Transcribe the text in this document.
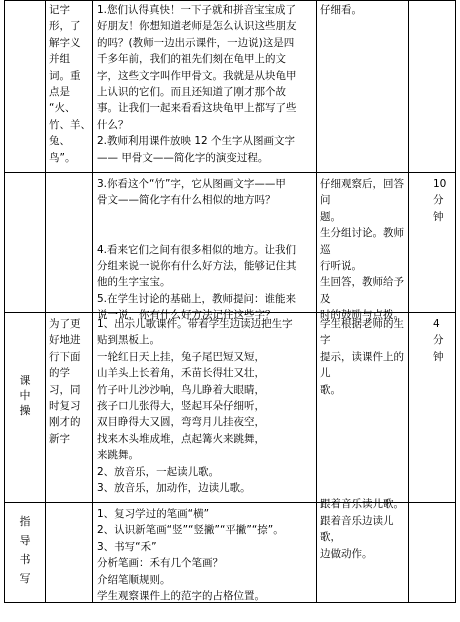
记字
形，了
解字义
并组
词。重
点是
“火、
竹、羊、
兔、
鸟”。
1.您们认得真快！一下子就和拼音宝宝成了
好朋友！你想知道老师是怎么认识这些朋友
的吗？(教师一边出示课件，一边说)这是四
千多年前，我们的祖先们刻在龟甲上的文
字，这些文字叫作甲骨文。我就是从块龟甲
上认识的它们。而且还知道了刚才那个故
事。让我们一起来看看这块龟甲上都写了些
什么？
2.教师利用课件放映 12 个生字从图画文字
—— 甲骨文——简化字的演变过程。
仔细看。
3.你看这个“竹”字，它从图画文字——甲
骨文——简化字有什么相似的地方吗？

4.看来它们之间有很多相似的地方。让我们
分组来说一说你有什么好方法，能够记住其
他的生字宝宝。
5.在学生讨论的基础上，教师提问：谁能来
说一说，你有什么好方法记住这些字？
仔细观察后，回答问
题。
生分组讨论。教师巡
行听说。
生回答，教师给予及
时的鼓励与点拨。
10
分
钟
课
中
操
为了更
好地进
行下面
的学
习，同
时复习
刚才的
新字
1、出示儿歌课件。带着学生边读边把生字
贴到黑板上。
一轮红日天上挂，兔子尾巴短又短，
山羊头上长着角，禾苗长得壮又壮，
竹子叶儿沙沙响，鸟儿睁着大眼睛，
孩子口儿张得大，竖起耳朵仔细听，
双目睁得大又圆，弯弯月儿挂夜空，
找来木头堆成堆，点起篝火来跳舞，
来跳舞。
2、放音乐，一起读儿歌。
3、放音乐，加动作，边读儿歌。
学生根据老师的生字
提示，读课件上的儿
歌。

跟着音乐读儿歌。
跟着音乐边读儿歌，
边做动作。
4
分
钟
指
导
书
写
1、复习学过的笔画“横”
2、认识新笔画“竖”“竖撇”“平撇”“捺”。
3、书写“禾”
分析笔画：禾有几个笔画？
介绍笔顺规则。
学生观察课件上的范字的占格位置。
